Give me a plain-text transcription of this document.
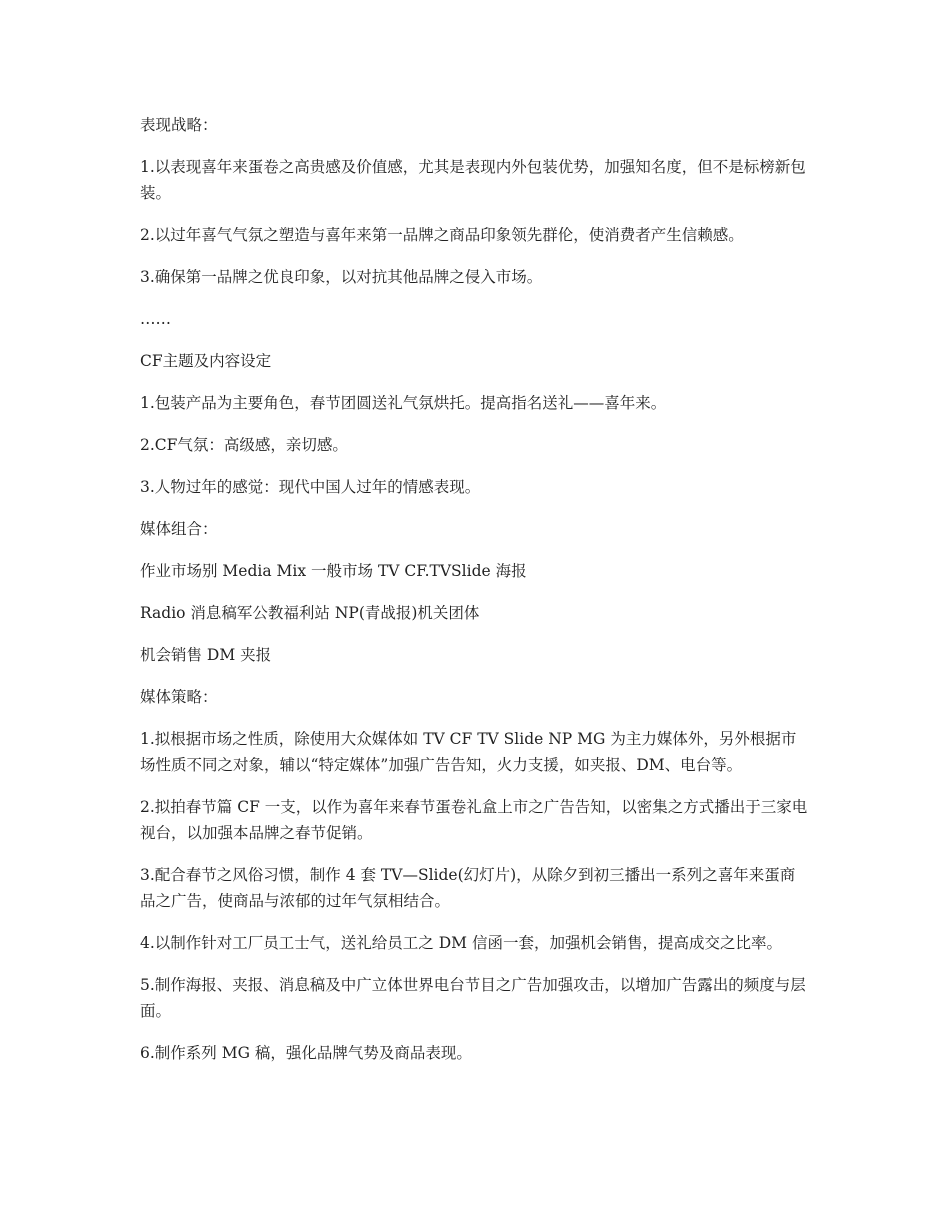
表现战略：

1.以表现喜年来蛋卷之高贵感及价值感，尤其是表现内外包装优势，加强知名度，但不是标榜新包装。

2.以过年喜气气氛之塑造与喜年来第一品牌之商品印象领先群伦，使消费者产生信赖感。

3.确保第一品牌之优良印象，以对抗其他品牌之侵入市场。

……

CF主题及内容设定

1.包装产品为主要角色，春节团圆送礼气氛烘托。提高指名送礼——喜年来。

2.CF气氛：高级感，亲切感。

3.人物过年的感觉：现代中国人过年的情感表现。

媒体组合：

作业市场别 Media Mix 一般市场 TV CF.TVSlide 海报

Radio 消息稿军公教福利站 NP(青战报)机关团体

机会销售 DM 夹报

媒体策略：

1.拟根据市场之性质，除使用大众媒体如 TV CF TV Slide NP MG 为主力媒体外，另外根据市场性质不同之对象，辅以“特定媒体”加强广告告知，火力支援，如夹报、DM、电台等。

2.拟拍春节篇 CF 一支，以作为喜年来春节蛋卷礼盒上市之广告告知，以密集之方式播出于三家电视台，以加强本品牌之春节促销。

3.配合春节之风俗习惯，制作 4 套 TV—Slide(幻灯片)，从除夕到初三播出一系列之喜年来蛋商品之广告，使商品与浓郁的过年气氛相结合。

4.以制作针对工厂员工士气，送礼给员工之 DM 信函一套，加强机会销售，提高成交之比率。

5.制作海报、夹报、消息稿及中广立体世界电台节目之广告加强攻击，以增加广告露出的频度与层面。

6.制作系列 MG 稿，强化品牌气势及商品表现。
